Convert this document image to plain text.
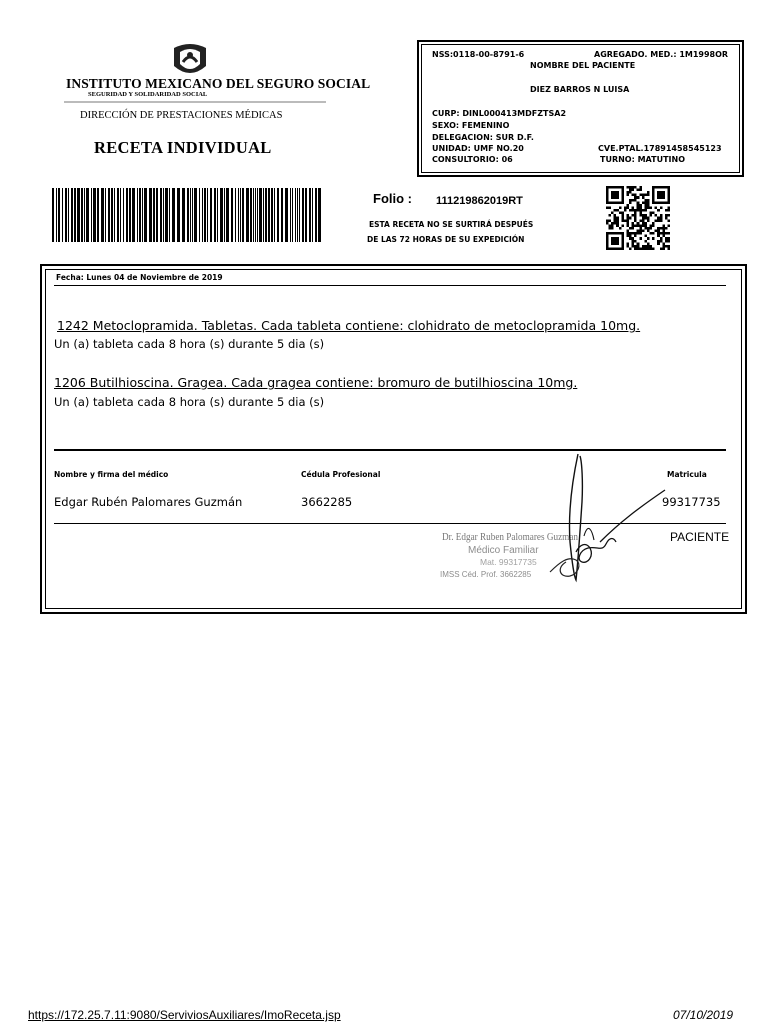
INSTITUTO MEXICANO DEL SEGURO SOCIAL
SEGURIDAD Y SOLIDARIDAD SOCIAL
DIRECCIÓN DE PRESTACIONES MÉDICAS
RECETA INDIVIDUAL
NSS:0118-00-8791-6	AGREGADO. MED.: 1M1998OR
NOMBRE DEL PACIENTE
DIEZ BARROS N LUISA
CURP: DINL000413MDFZTSA2
SEXO: FEMENINO
DELEGACION: SUR D.F.
UNIDAD: UMF NO.20	CVE.PTAL.17891458545123
CONSULTORIO: 06	TURNO: MATUTINO
Folio : 111219862019RT
ESTA RECETA NO SE SURTIRÁ DESPUÉS
DE LAS 72 HORAS DE SU EXPEDICIÓN
Fecha: Lunes 04 de Noviembre de 2019
1242 Metoclopramida. Tabletas. Cada tableta contiene: clohidrato de metoclopramida 10mg.
Un (a) tableta cada 8 hora (s) durante 5 dia (s)
1206 Butilhioscina. Gragea. Cada gragea contiene: bromuro de butilhioscina 10mg.
Un (a) tableta cada 8 hora (s) durante 5 dia (s)
Nombre y firma del médico	Cédula Profesional	Matricula
Edgar Rubén Palomares Guzmán	3662285	99317735
PACIENTE
Dr. Edgar Ruben Palomares Guzman
Médico Familiar
Mat. 99317735
IMSS Céd. Prof. 3662285
https://172.25.7.11:9080/ServiviosAuxiliares/ImoReceta.jsp	07/10/2019
